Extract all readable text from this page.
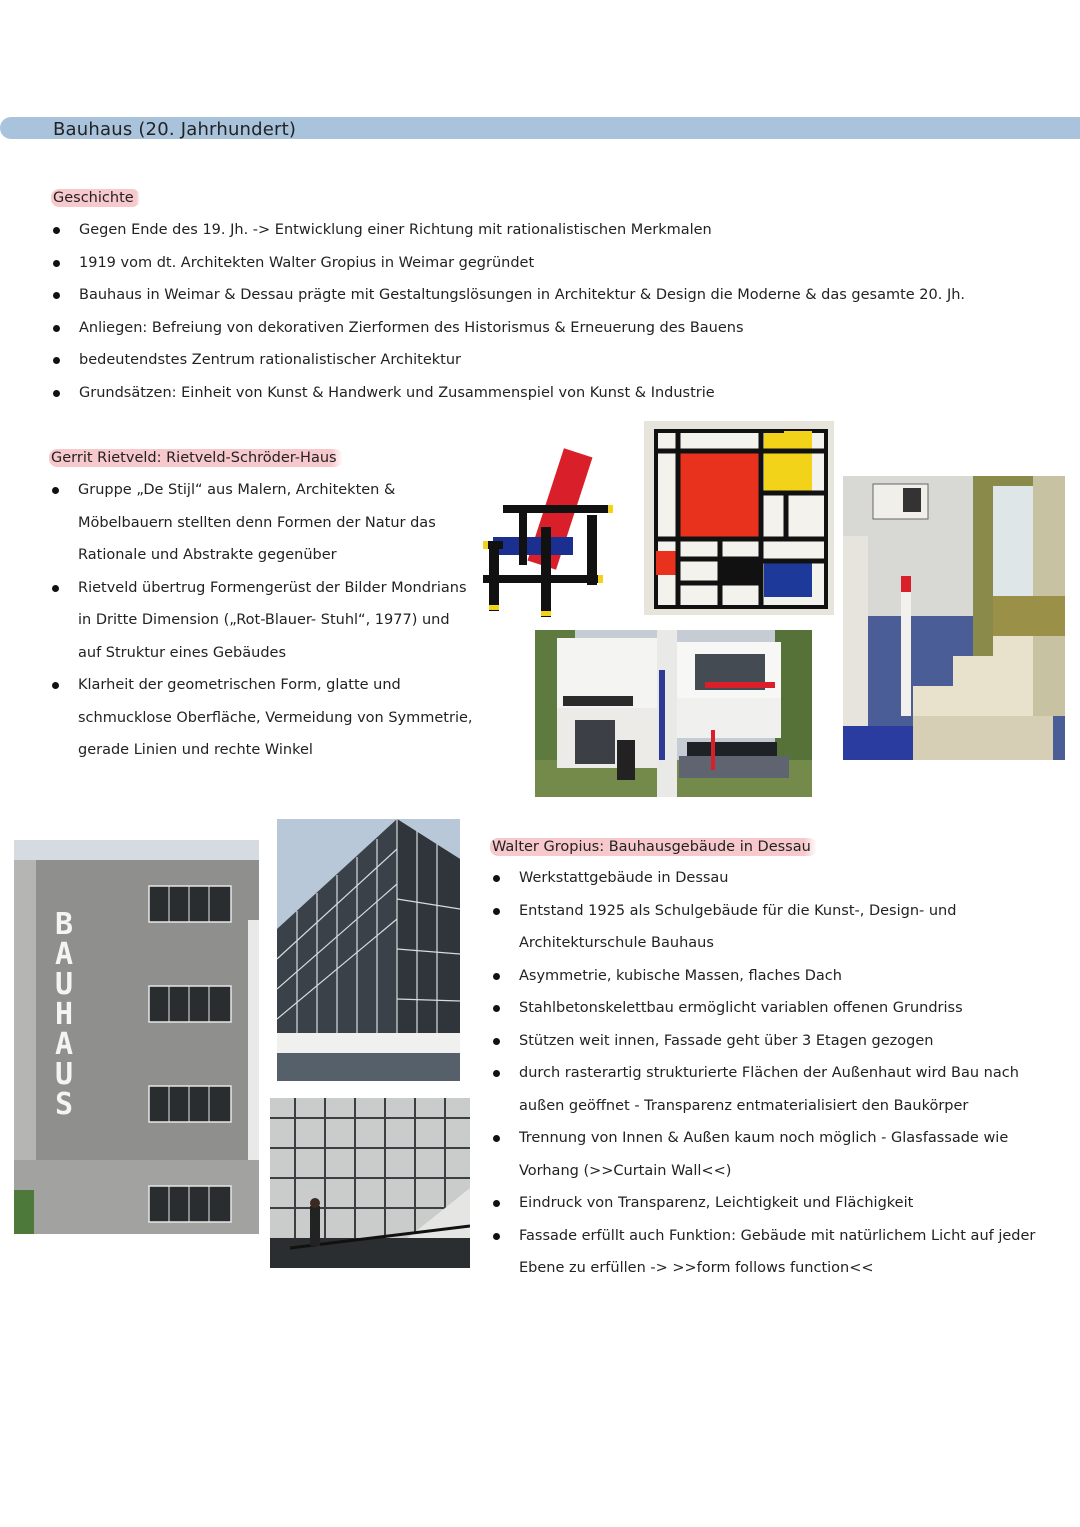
Bauhaus (20. Jahrhundert)
Geschichte
Gegen Ende des 19. Jh. -> Entwicklung einer Richtung mit rationalistischen Merkmalen
1919 vom dt. Architekten Walter Gropius in Weimar gegründet
Bauhaus in Weimar & Dessau prägte mit Gestaltungslösungen in Architektur & Design die Moderne & das gesamte 20. Jh.
Anliegen: Befreiung von dekorativen Zierformen des Historismus & Erneuerung des Bauens
bedeutendstes Zentrum rationalistischer Architektur
Grundsätzen: Einheit von Kunst & Handwerk und Zusammenspiel von Kunst & Industrie
Gerrit Rietveld: Rietveld-Schröder-Haus
Gruppe „De Stijl“ aus Malern, Architekten & Möbelbauern stellten denn Formen der Natur das Rationale und Abstrakte gegenüber
Rietveld übertrug Formengerüst der Bilder Mondrians in Dritte Dimension („Rot-Blauer- Stuhl“, 1977) und auf Struktur eines Gebäudes
Klarheit der geometrischen Form, glatte und schmucklose Oberfläche, Vermeidung von Symmetrie, gerade Linien und rechte Winkel
BAUHAUS
Walter Gropius: Bauhausgebäude in Dessau
Werkstattgebäude in Dessau
Entstand 1925 als Schulgebäude für die Kunst-, Design- und Architekturschule Bauhaus
Asymmetrie, kubische Massen, flaches Dach
Stahlbetonskelettbau ermöglicht variablen offenen Grundriss
Stützen weit innen, Fassade geht über 3 Etagen gezogen
durch rasterartig strukturierte Flächen der Außenhaut wird Bau nach außen geöffnet - Transparenz entmaterialisiert den Baukörper
Trennung von Innen & Außen kaum noch möglich - Glasfassade wie Vorhang (>>Curtain Wall<<)
Eindruck von Transparenz, Leichtigkeit und Flächigkeit
Fassade erfüllt auch Funktion: Gebäude mit natürlichem Licht auf jeder Ebene zu erfüllen -> >>form follows function<<
